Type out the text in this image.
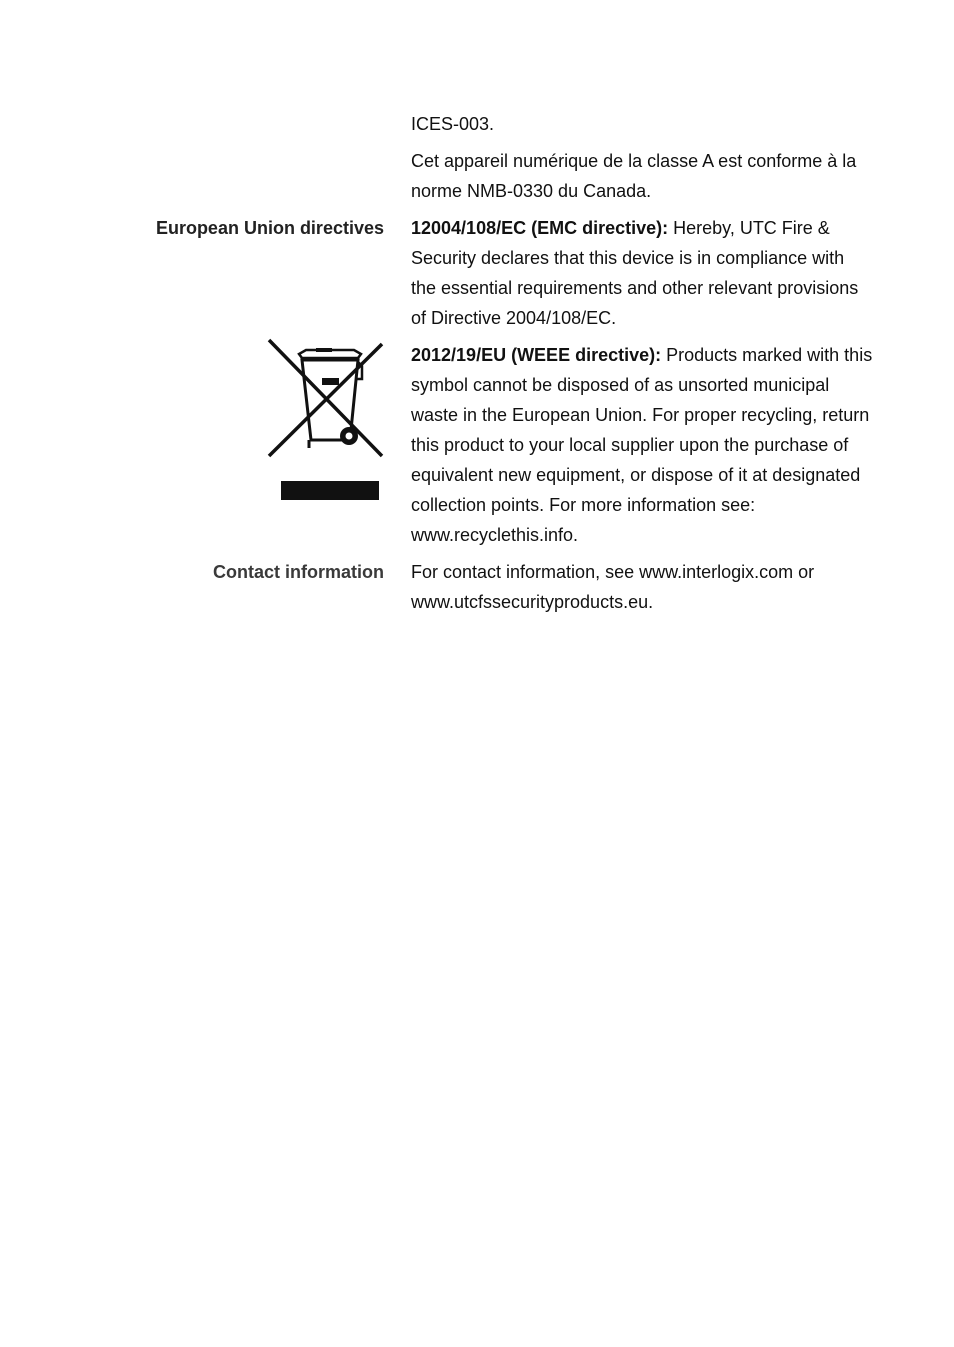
ICES-003.
Cet appareil numérique de la classe A est conforme à la norme NMB-0330 du Canada.
European Union directives 12004/108/EC (EMC directive): Hereby, UTC Fire & Security declares that this device is in compliance with the essential requirements and other relevant provisions of Directive 2004/108/EC.
2012/19/EU (WEEE directive): Products marked with this symbol cannot be disposed of as unsorted municipal waste in the European Union. For proper recycling, return this product to your local supplier upon the purchase of equivalent new equipment, or dispose of it at designated collection points. For more information see: www.recyclethis.info.
Contact information For contact information, see www.interlogix.com or www.utcfssecurityproducts.eu.
